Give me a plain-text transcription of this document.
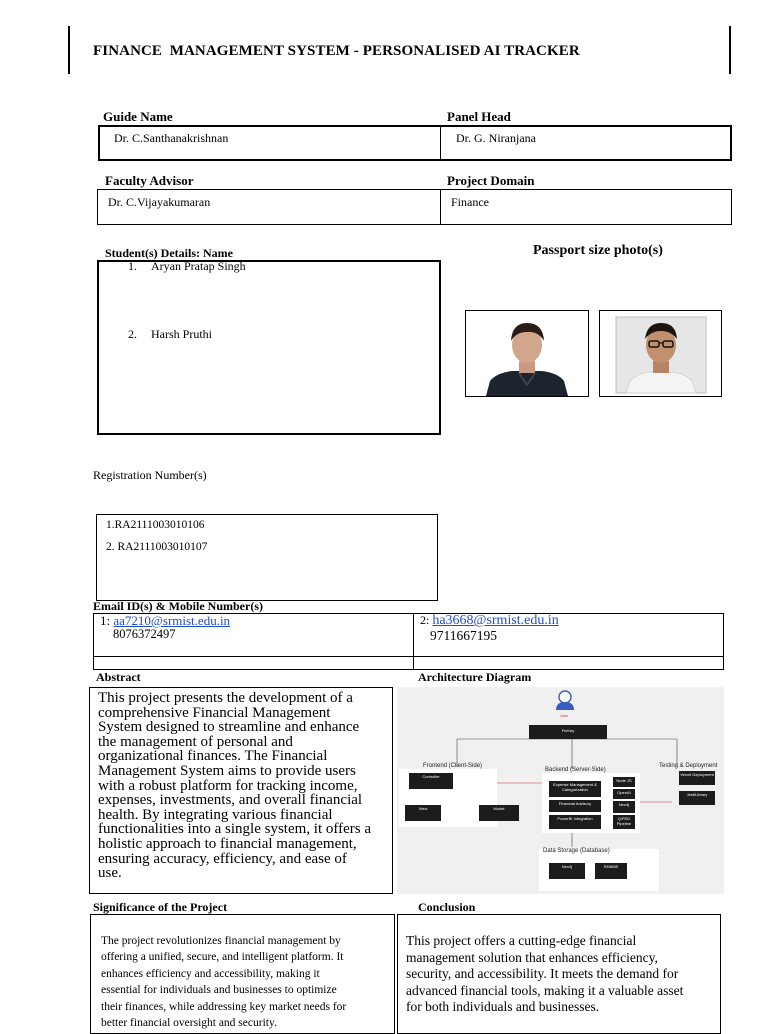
FINANCE  MANAGEMENT SYSTEM - PERSONALISED AI TRACKER
Guide Name	Panel Head
Dr. C.Santhanakrishnan	Dr. G. Niranjana
Faculty Advisor	Project Domain
Dr. C.Vijayakumaran	Finance
Student(s) Details: Name
1. Aryan Pratap Singh
2. Harsh Pruthi
Passport size photo(s)
Registration Number(s)
1.RA2111003010106
2. RA2111003010107
Email ID(s) & Mobile Number(s)
1: aa7210@srmist.edu.in
8076372497
2: ha3668@srmist.edu.in
9711667195
Abstract
This project presents the development of a
comprehensive Financial Management
System designed to streamline and enhance
the management of personal and
organizational finances. The Financial
Management System aims to provide users
with a robust platform for tracking income,
expenses, investments, and overall financial
health. By integrating various financial
functionalities into a single system, it offers a
holistic approach to financial management,
ensuring accuracy, efficiency, and ease of
use.
Architecture Diagram
User
FinKey
Frontend (Client-Side)
Controller
View	Model
Backend (Server-Side)
Expense Management & Categorization
Financial Advisory
PowerBI Integration
Node JS
OpenAI
Neo4j
Q/PDD Pipeline
Testing & Deployment
Vercel Deployment
Jest/Library
Data Storage (Database)
Neo4j	RDBMS
Significance of the Project
The project revolutionizes financial management by
offering a unified, secure, and intelligent platform. It
enhances efficiency and accessibility, making it
essential for individuals and businesses to optimize
their finances, while addressing key market needs for
better financial oversight and security.
Conclusion
This project offers a cutting-edge financial
management solution that enhances efficiency,
security, and accessibility. It meets the demand for
advanced financial tools, making it a valuable asset
for both individuals and businesses.
